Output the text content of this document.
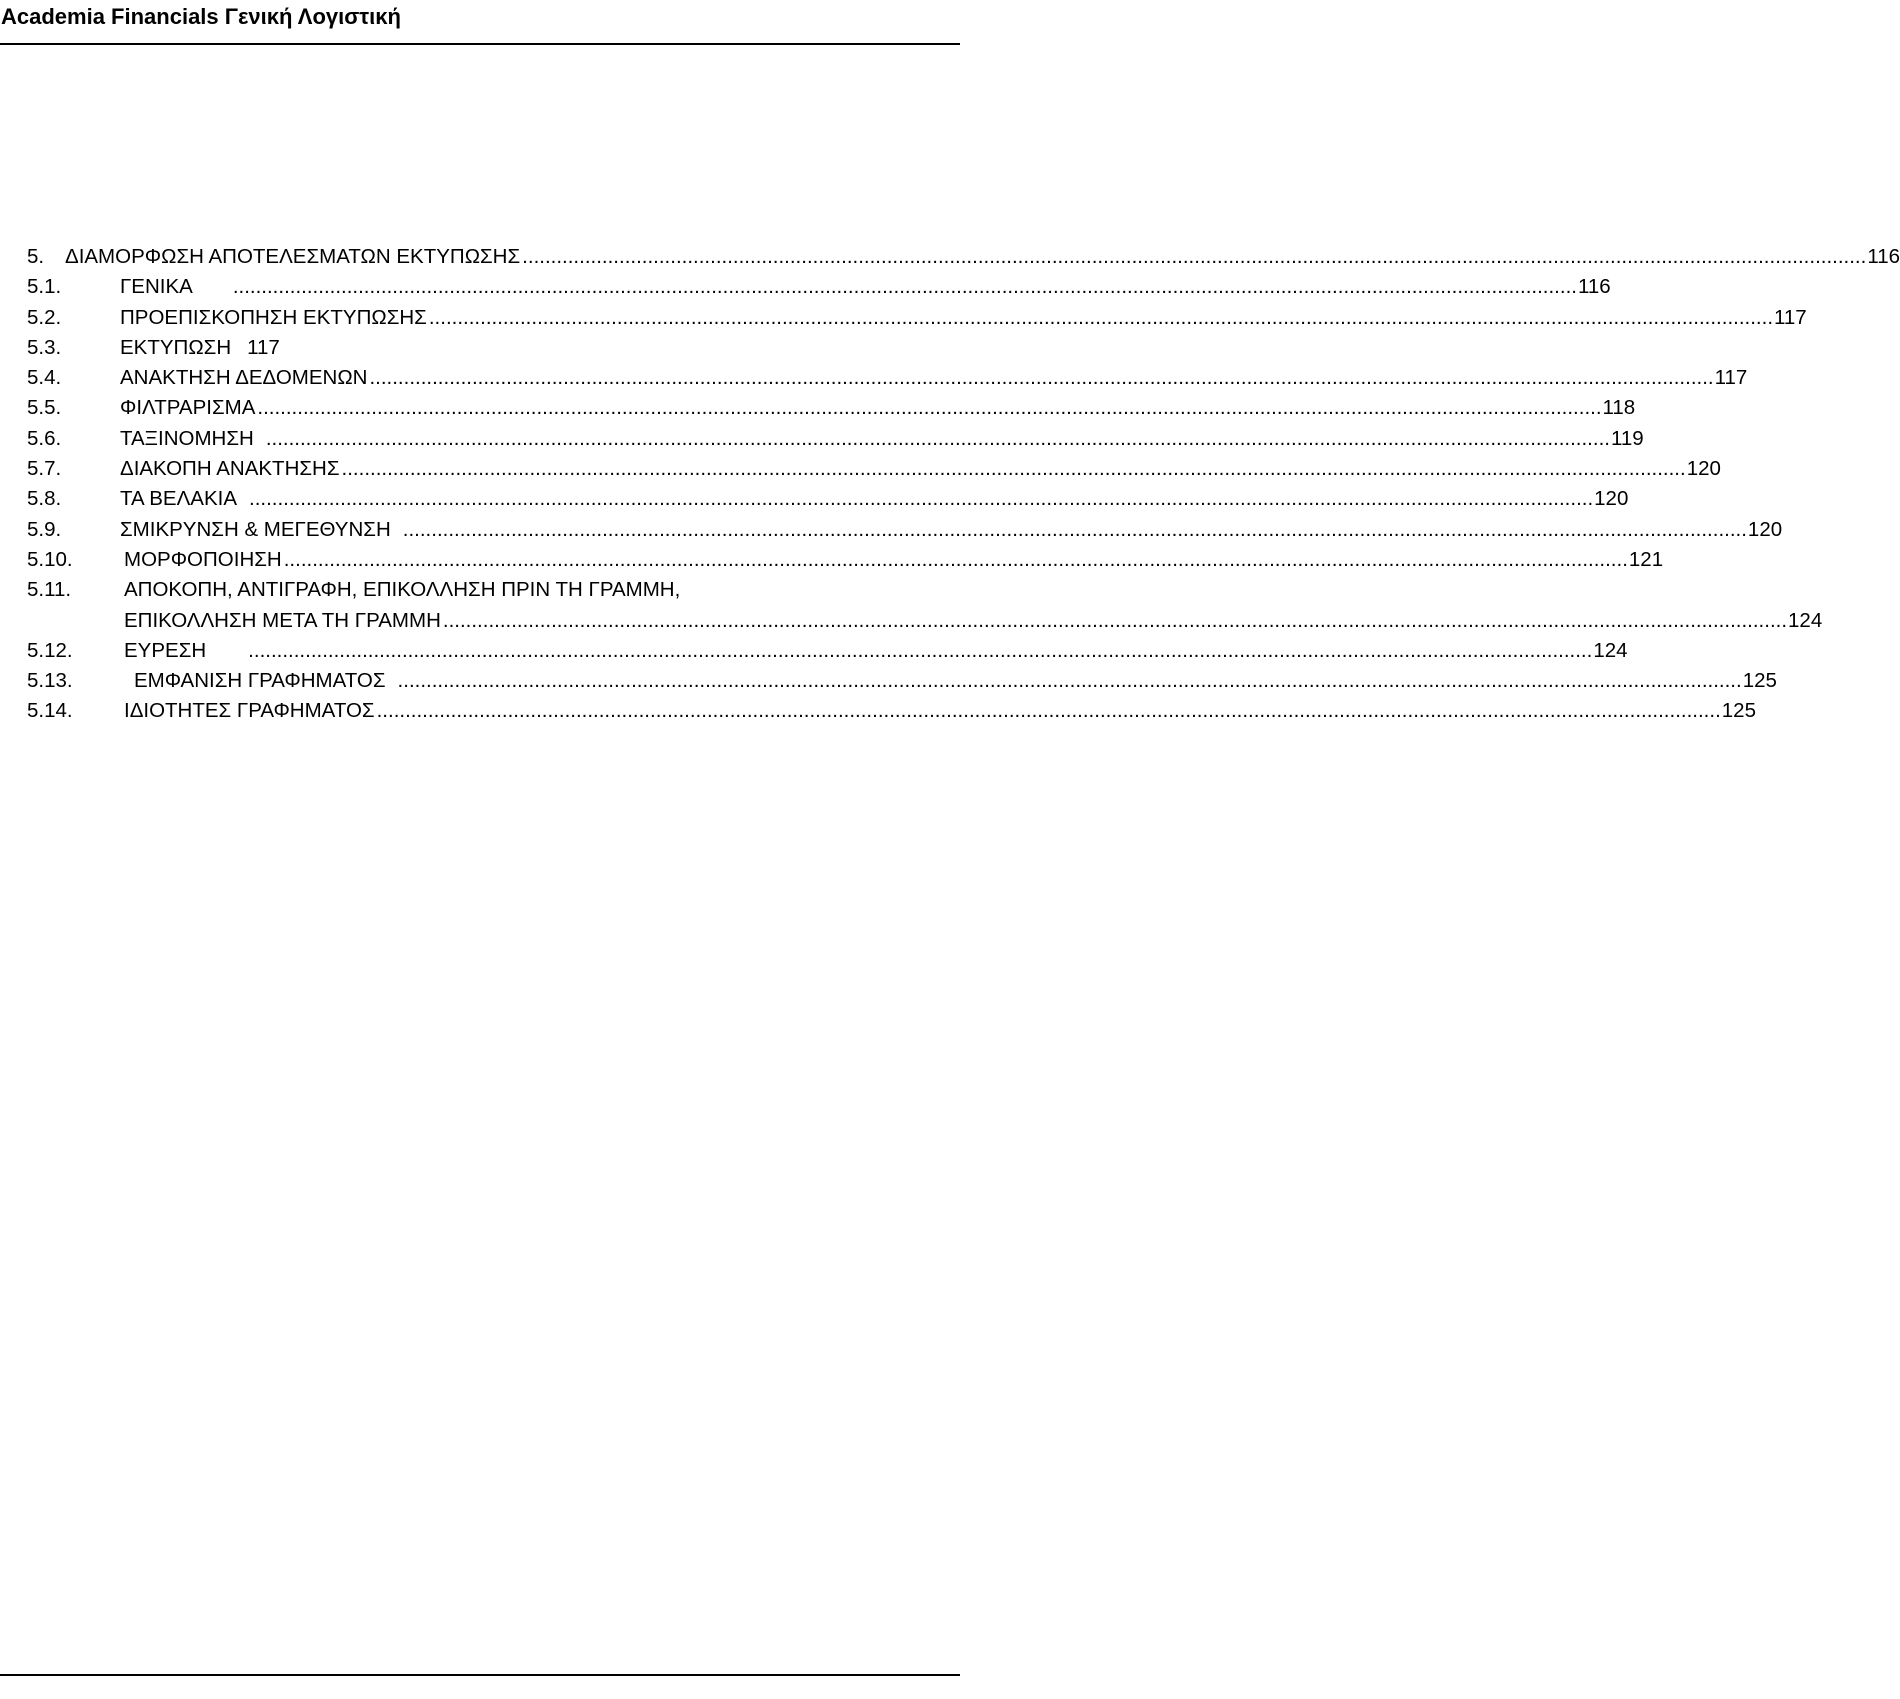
Academia Financials Γενική Λογιστική
5. ΔΙΑΜΟΡΦΩΣΗ ΑΠΟΤΕΛΕΣΜΑΤΩΝ ΕΚΤΥΠΩΣΗΣ .....	116
5.1.	ΓΕΝΙΚΑ .....	116
5.2.	ΠΡΟΕΠΙΣΚΟΠΗΣΗ ΕΚΤΥΠΩΣΗΣ .....	117
5.3.	ΕΚΤΥΠΩΣΗ 117
5.4.	ΑΝΑΚΤΗΣΗ ΔΕΔΟΜΕΝΩΝ .....	117
5.5.	ΦΙΛΤΡΑΡΙΣΜΑ .....	118
5.6.	ΤΑΞΙΝΟΜΗΣΗ .....	119
5.7.	ΔΙΑΚΟΠΗ ΑΝΑΚΤΗΣΗΣ .....	120
5.8.	ΤΑ ΒΕΛΑΚΙΑ .....	120
5.9.	ΣΜΙΚΡΥΝΣΗ & ΜΕΓΕΘΥΝΣΗ .....	120
5.10.	ΜΟΡΦΟΠΟΙΗΣΗ .....	121
5.11.	ΑΠΟΚΟΠΗ, ΑΝΤΙΓΡΑΦΗ, ΕΠΙΚΟΛΛΗΣΗ ΠΡΙΝ ΤΗ ΓΡΑΜΜΗ,
ΕΠΙΚΟΛΛΗΣΗ ΜΕΤΑ ΤΗ ΓΡΑΜΜΗ .....	124
5.12.	ΕΥΡΕΣΗ .....	124
5.13.	ΕΜΦΑΝΙΣΗ ΓΡΑΦΗΜΑΤΟΣ .....	125
5.14.	ΙΔΙΟΤΗΤΕΣ ΓΡΑΦΗΜΑΤΟΣ .....	125
